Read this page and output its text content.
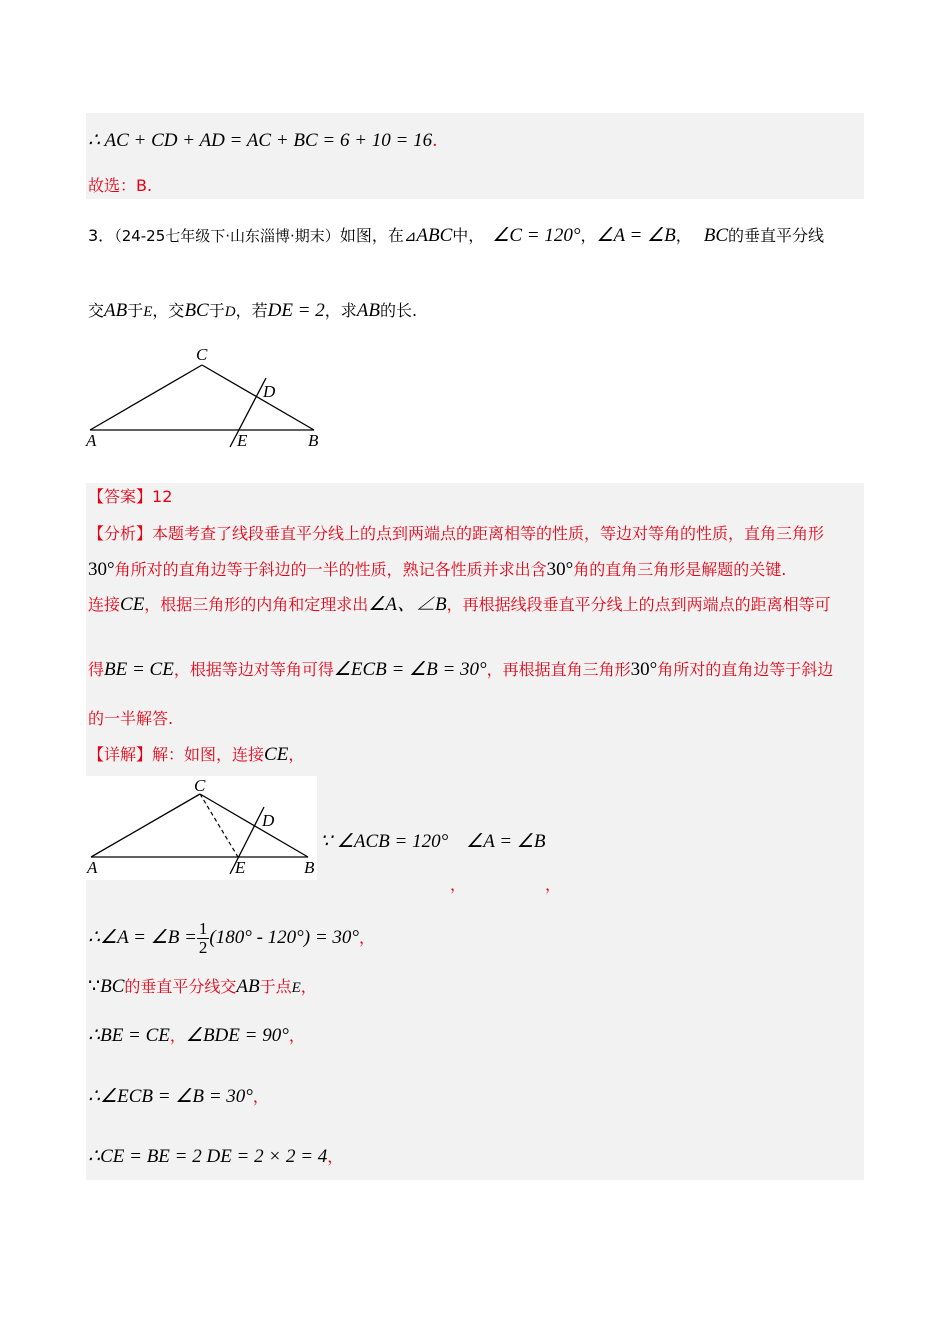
∴ AC + CD + AD = AC + BC = 6 + 10 = 16.
故选：B.
3．（24-25七年级下·山东淄博·期末）如图，在⊿ABC中， ∠C = 120°，∠A = ∠B， BC的垂直平分线
交AB于E，交BC于D，若DE = 2，求AB的长.
C
D
A	E	B
【答案】12
【分析】本题考查了线段垂直平分线上的点到两端点的距离相等的性质，等边对等角的性质，直角三角形
30°角所对的直角边等于斜边的一半的性质，熟记各性质并求出含30°角的直角三角形是解题的关键.
连接CE，根据三角形的内角和定理求出∠A、∠B，再根据线段垂直平分线上的点到两端点的距离相等可
得BE = CE，根据等边对等角可得∠ECB = ∠B = 30°，再根据直角三角形30°角所对的直角边等于斜边
的一半解答.
【详解】解：如图，连接CE，
C
D
A	E	B
∵ ∠ACB = 120° ∠A = ∠B
，	，
∴∠A = ∠B = $\frac{1}{2} (180^\circ - 120^\circ) = 30^\circ$，
∵BC的垂直平分线交AB于点E，
∴BE = CE，∠BDE = 90°，
∴∠ECB = ∠B = 30°，
∴CE = BE = 2 DE = 2 × 2 = 4，
